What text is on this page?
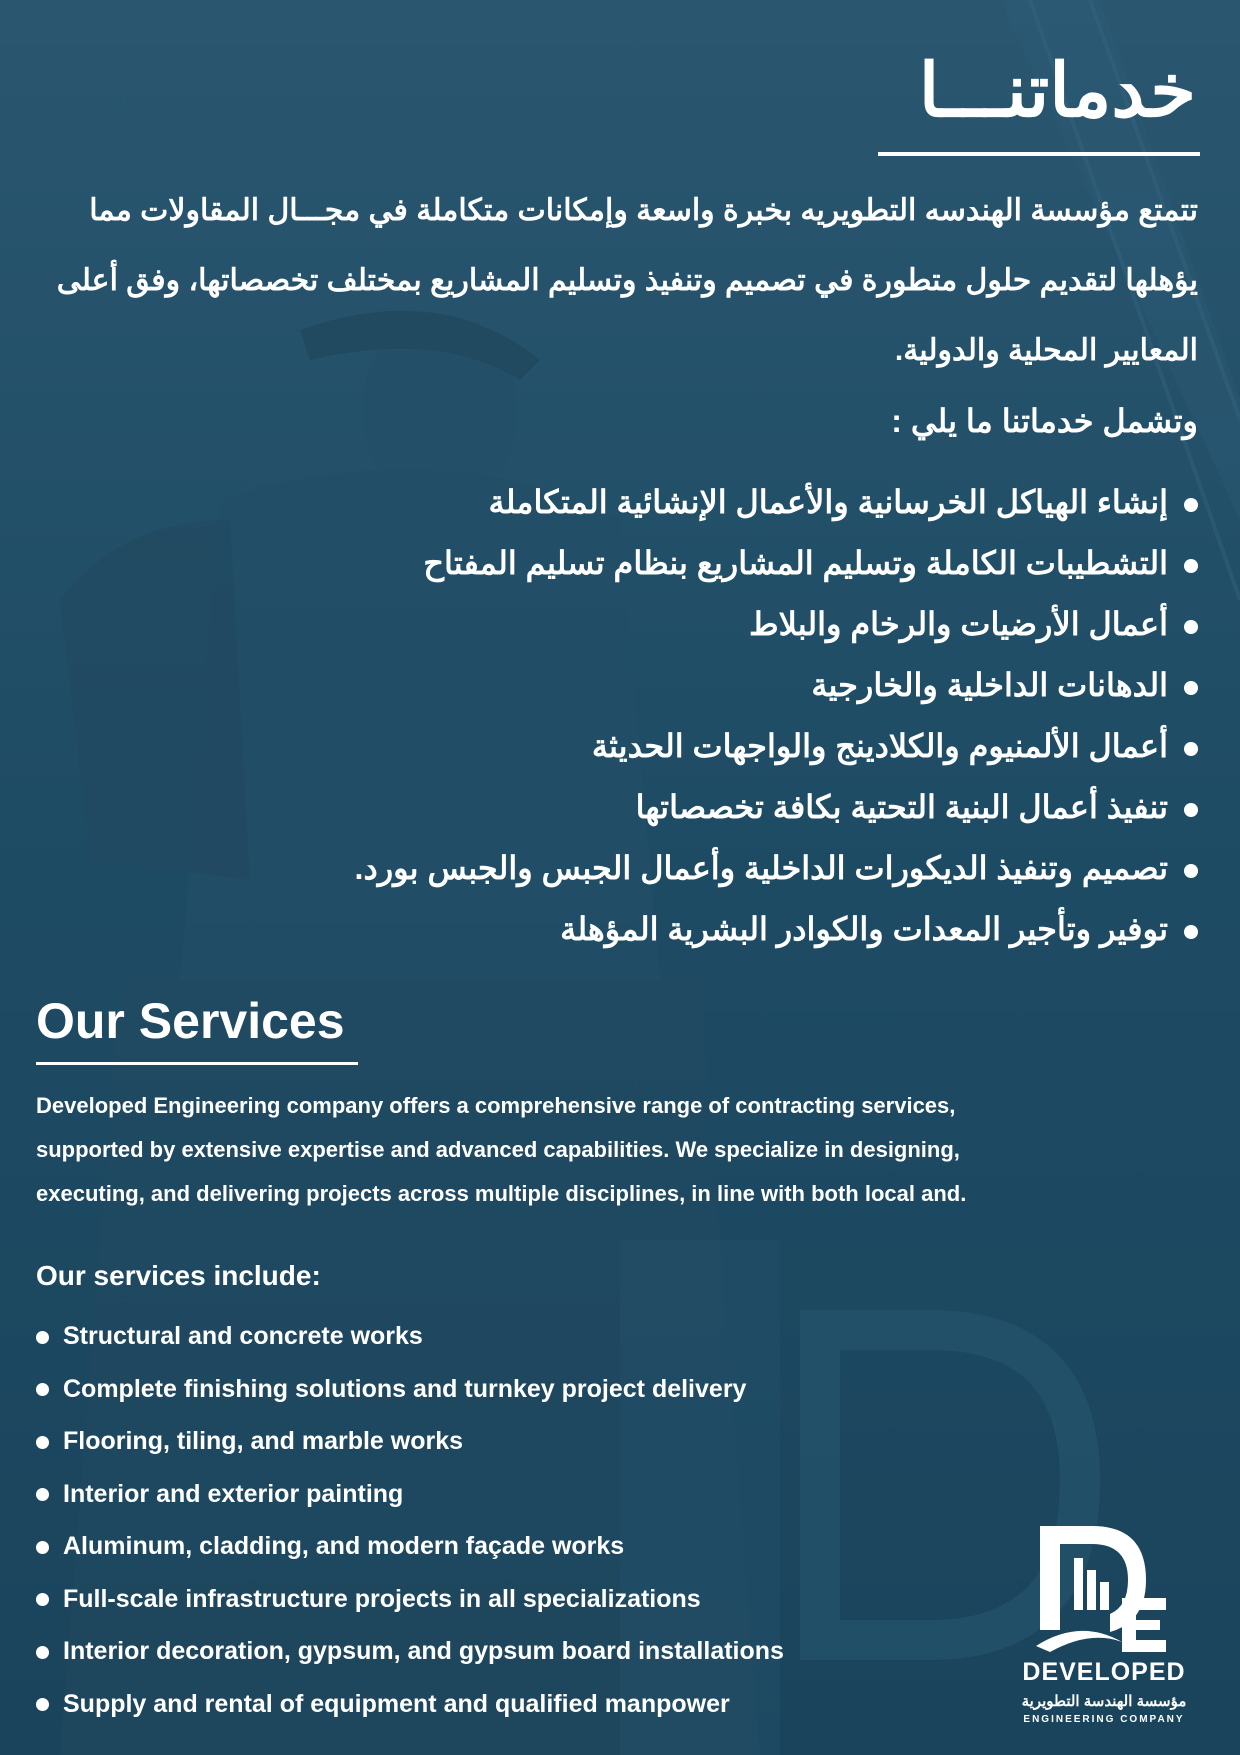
خدماتنـــا
تتمتع مؤسسة الهندسه التطويريه بخبرة واسعة وإمكانات متكاملة في مجـــال المقاولات مما يؤهلها لتقديم حلول متطورة في تصميم وتنفيذ وتسليم المشاريع بمختلف تخصصاتها، وفق أعلى المعايير المحلية والدولية.
وتشمل خدماتنا ما يلي :
إنشاء الهياكل الخرسانية والأعمال الإنشائية المتكاملة
التشطيبات الكاملة وتسليم المشاريع بنظام تسليم المفتاح
أعمال الأرضيات والرخام والبلاط
الدهانات الداخلية والخارجية
أعمال الألمنيوم والكلادينج والواجهات الحديثة
تنفيذ أعمال البنية التحتية بكافة تخصصاتها
تصميم وتنفيذ الديكورات الداخلية وأعمال الجبس والجبس بورد.
توفير وتأجير المعدات والكوادر البشرية المؤهلة
Our Services
Developed Engineering company offers a comprehensive range of contracting services, supported by extensive expertise and advanced capabilities. We specialize in designing, executing, and delivering projects across multiple disciplines, in line with both local and.
Our services include:
Structural and concrete works
Complete finishing solutions and turnkey project delivery
Flooring, tiling, and marble works
Interior and exterior painting
Aluminum, cladding, and modern façade works
Full-scale infrastructure projects in all specializations
Interior decoration, gypsum, and gypsum board installations
Supply and rental of equipment and qualified manpower
DEVELOPED
مؤسسة الهندسة التطويرية
ENGINEERING COMPANY
